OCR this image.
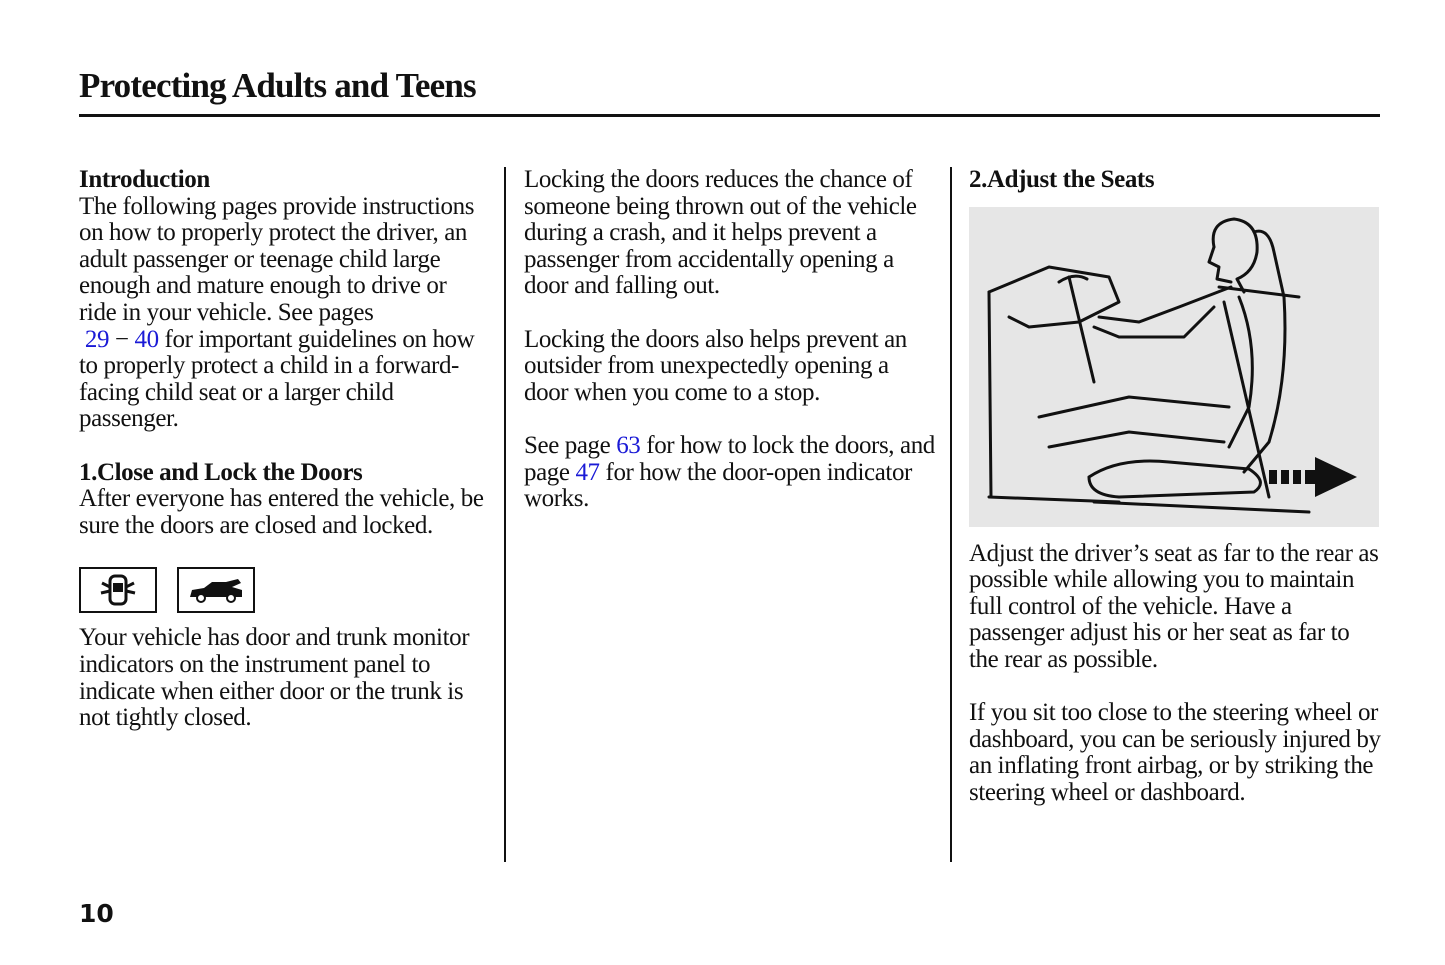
Protecting Adults and Teens
Introduction

The following pages provide instructions on how to properly protect the driver, an adult passenger or teenage child large enough and mature enough to drive or ride in your vehicle. See pages
29 − 40 for important guidelines on how to properly protect a child in a forward-facing child seat or a larger child passenger.

1.Close and Lock the Doors

After everyone has entered the vehicle, be sure the doors are closed and locked.

Your vehicle has door and trunk monitor indicators on the instrument panel to indicate when either door or the trunk is not tightly closed.

Locking the doors reduces the chance of someone being thrown out of the vehicle during a crash, and it helps prevent a passenger from accidentally opening a door and falling out.

Locking the doors also helps prevent an outsider from unexpectedly opening a door when you come to a stop.

See page 63 for how to lock the doors, and page 47 for how the door-open indicator works.

2.Adjust the Seats

Adjust the driver’s seat as far to the rear as possible while allowing you to maintain full control of the vehicle. Have a passenger adjust his or her seat as far to the rear as possible.

If you sit too close to the steering wheel or dashboard, you can be seriously injured by an inflating front airbag, or by striking the steering wheel or dashboard.

10
